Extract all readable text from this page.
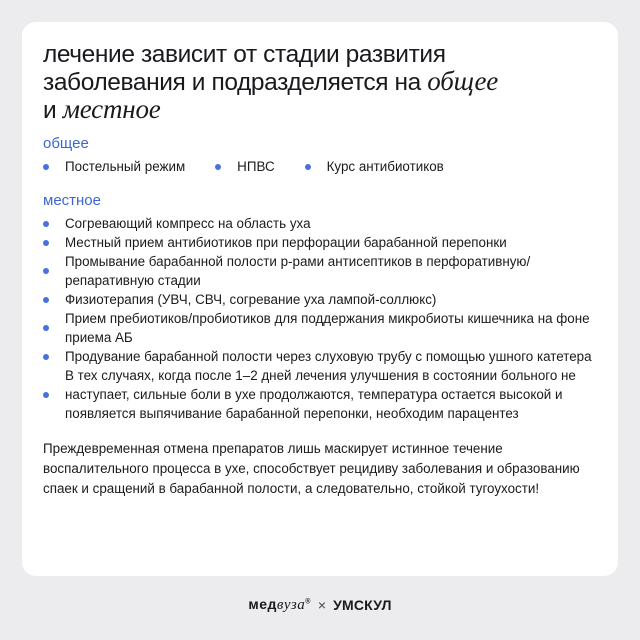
лечение зависит от стадии развития
заболевания и подразделяется на общее
и местное
общее
Постельный режим	НПВС	Курс антибиотиков
местное
Согревающий компресс на область уха
Местный прием антибиотиков при перфорации барабанной перепонки
Промывание барабанной полости р-рами антисептиков в перфоративную/ репаративную стадии
Физиотерапия (УВЧ, СВЧ, согревание уха лампой-соллюкс)
Прием пребиотиков/пробиотиков для поддержания микробиоты кишечника на фоне приема АБ
Продувание барабанной полости через слуховую трубу с помощью ушного катетера
В тех случаях, когда после 1–2 дней лечения улучшения в состоянии больного не наступает, сильные боли в ухе продолжаются, температура остается высокой и появляется выпячивание барабанной перепонки, необходим парацентез

Преждевременная отмена препаратов лишь маскирует истинное течение воспалительного процесса в ухе, способствует рецидиву заболевания и образованию спаек и сращений в барабанной полости, а следовательно, стойкой тугоухости!

медвуза® × УМСКУЛ
